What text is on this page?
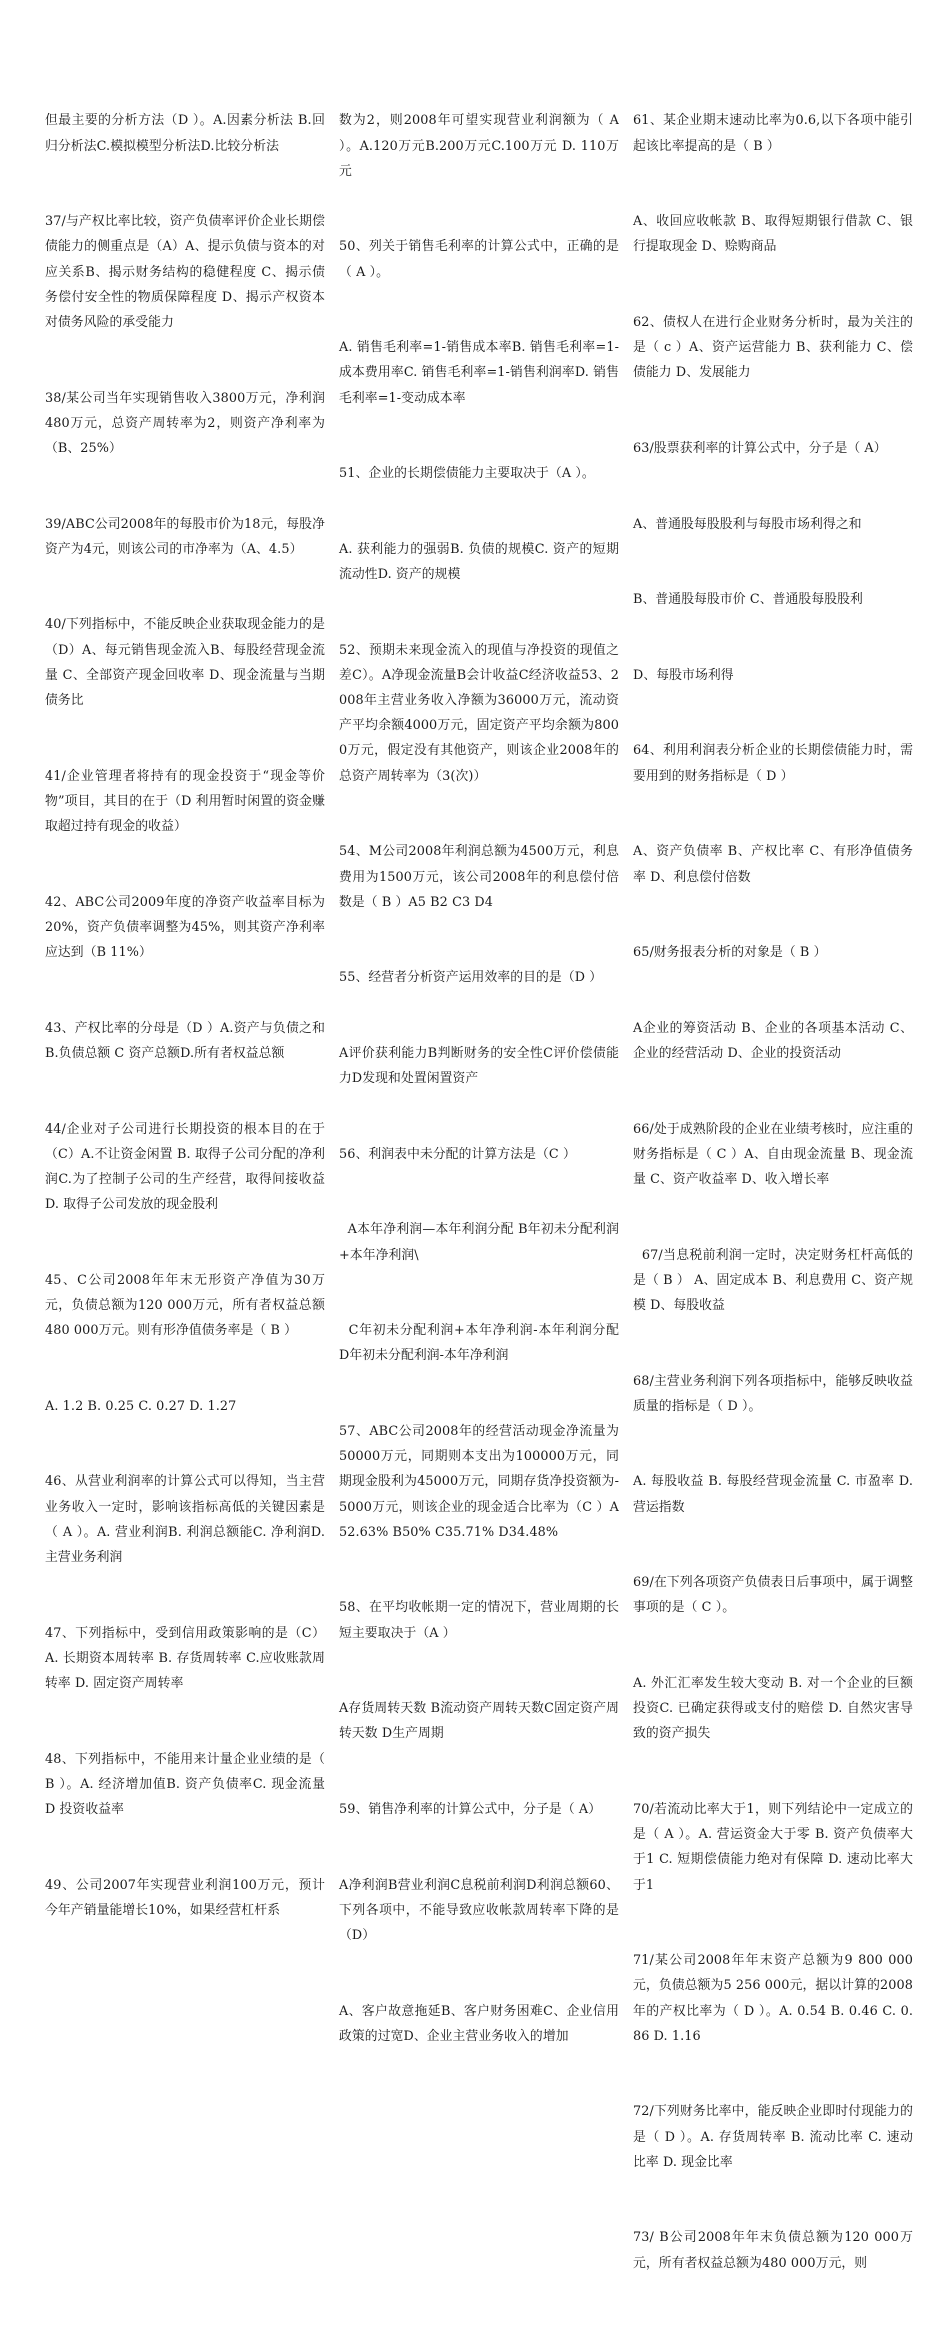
但最主要的分析方法（D ）。A.因素分析法 B.回归分析法C.模拟模型分析法D.比较分析法

37/与产权比率比较，资产负债率评价企业长期偿债能力的侧重点是（A）A、提示负债与资本的对应关系B、揭示财务结构的稳健程度 C、揭示债务偿付安全性的物质保障程度 D、揭示产权资本对债务风险的承受能力

38/某公司当年实现销售收入3800万元，净利润480万元，总资产周转率为2，则资产净利率为（B、25%）

39/ABC公司2008年的每股市价为18元，每股净资产为4元，则该公司的市净率为（A、4.5）

40/下列指标中，不能反映企业获取现金能力的是（D）A、每元销售现金流入B、每股经营现金流量 C、全部资产现金回收率 D、现金流量与当期债务比

41/企业管理者将持有的现金投资于“现金等价物”项目，其目的在于（D 利用暂时闲置的资金赚取超过持有现金的收益）

42、ABC公司2009年度的净资产收益率目标为20%，资产负债率调整为45%，则其资产净利率应达到（B 11%）

43、产权比率的分母是（D ）A.资产与负债之和B.负债总额 C 资产总额D.所有者权益总额

44/企业对子公司进行长期投资的根本目的在于（C）A.不让资金闲置 B. 取得子公司分配的净利润C.为了控制子公司的生产经营，取得间接收益 D. 取得子公司发放的现金股利

45、C公司2008年年末无形资产净值为30万元，负债总额为120 000万元，所有者权益总额480 000万元。则有形净值债务率是（ B ）

A. 1.2 B. 0.25 C. 0.27 D. 1.27

46、从营业利润率的计算公式可以得知，当主营业务收入一定时，影响该指标高低的关键因素是（ A ）。A. 营业利润B. 利润总额能C. 净利润D. 主营业务利润

47、下列指标中，受到信用政策影响的是（C）A. 长期资本周转率 B. 存货周转率 C.应收账款周转率 D. 固定资产周转率

48、下列指标中，不能用来计量企业业绩的是（ B ）。A. 经济增加值B. 资产负债率C. 现金流量 D 投资收益率

49、公司2007年实现营业利润100万元，预计今年产销量能增长10%，如果经营杠杆系

数为2，则2008年可望实现营业利润额为（ A ）。A.120万元B.200万元C.100万元 D. 110万元

50、列关于销售毛利率的计算公式中，正确的是（ A ）。

A. 销售毛利率=1-销售成本率B. 销售毛利率=1-成本费用率C. 销售毛利率=1-销售利润率D. 销售毛利率=1-变动成本率

51、企业的长期偿债能力主要取决于（A ）。

A. 获利能力的强弱B. 负债的规模C. 资产的短期流动性D. 资产的规模

52、预期未来现金流入的现值与净投资的现值之差C）。A净现金流量B会计收益C经济收益53、2008年主营业务收入净额为36000万元，流动资产平均余额4000万元，固定资产平均余额为8000万元，假定没有其他资产，则该企业2008年的总资产周转率为（3(次)）

54、M公司2008年利润总额为4500万元，利息费用为1500万元，该公司2008年的利息偿付倍数是（ B ）A5 B2 C3 D4

55、经营者分析资产运用效率的目的是（D ）

A评价获利能力B判断财务的安全性C评价偿债能力D发现和处置闲置资产

56、利润表中未分配的计算方法是（C ）

A本年净利润—本年利润分配 B年初未分配利润+本年净利润\

C年初未分配利润+本年净利润-本年利润分配 D年初未分配利润-本年净利润

57、ABC公司2008年的经营活动现金净流量为50000万元，同期则本支出为100000万元，同期现金股利为45000万元，同期存货净投资额为-5000万元，则该企业的现金适合比率为（C ）A52.63% B50% C35.71% D34.48%

58、在平均收帐期一定的情况下，营业周期的长短主要取决于（A ）

A存货周转天数 B流动资产周转天数C固定资产周转天数 D生产周期

59、销售净利率的计算公式中，分子是（ A）

A净利润B营业利润C息税前利润D利润总额60、下列各项中，不能导致应收帐款周转率下降的是（D）

A、客户故意拖延B、客户财务困难C、企业信用政策的过宽D、企业主营业务收入的增加

61、某企业期末速动比率为0.6,以下各项中能引起该比率提高的是（ B ）

A、收回应收帐款 B、取得短期银行借款 C、银行提取现金 D、赊购商品

62、债权人在进行企业财务分析时，最为关注的是（ c ）A、资产运营能力 B、获利能力 C、偿债能力 D、发展能力

63/股票获利率的计算公式中，分子是（ A）

A、普通股每股股利与每股市场利得之和

B、普通股每股市价 C、普通股每股股利

D、每股市场利得

64、利用利润表分析企业的长期偿债能力时，需要用到的财务指标是（ D ）

A、资产负债率 B、产权比率 C、有形净值债务率 D、利息偿付倍数

65/财务报表分析的对象是（ B ）

A企业的筹资活动 B、企业的各项基本活动 C、企业的经营活动 D、企业的投资活动

66/处于成熟阶段的企业在业绩考核时，应注重的财务指标是（ C ）A、自由现金流量 B、现金流量 C、资产收益率 D、收入增长率

67/当息税前利润一定时，决定财务杠杆高低的是（ B ） A、固定成本 B、利息费用 C、资产规模 D、每股收益

68/主营业务利润下列各项指标中，能够反映收益质量的指标是（ D ）。

A. 每股收益 B. 每股经营现金流量 C. 市盈率 D. 营运指数

69/在下列各项资产负债表日后事项中，属于调整事项的是（ C ）。

A. 外汇汇率发生较大变动 B. 对一个企业的巨额投资C. 已确定获得或支付的赔偿 D. 自然灾害导致的资产损失

70/若流动比率大于1，则下列结论中一定成立的是（ A ）。A. 营运资金大于零 B. 资产负债率大于1 C. 短期偿债能力绝对有保障 D. 速动比率大于1

71/某公司2008年年末资产总额为9 800 000元，负债总额为5 256 000元，据以计算的2008年的产权比率为（ D ）。A. 0.54 B. 0.46 C. 0.86 D. 1.16

72/下列财务比率中，能反映企业即时付现能力的是（ D ）。A. 存货周转率 B. 流动比率 C. 速动比率 D. 现金比率

73/ B公司2008年年末负债总额为120 000万元，所有者权益总额为480 000万元，则
